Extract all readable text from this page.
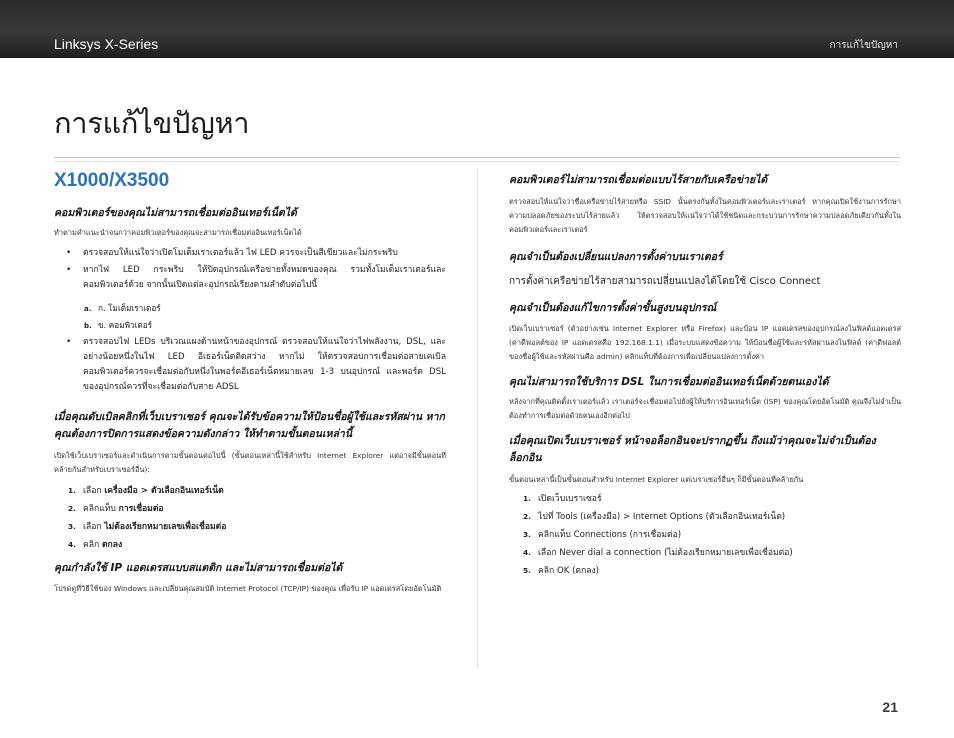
Linksys X-Series	การแก้ไขปัญหา
การแก้ไขปัญหา
X1000/X3500
คอมพิวเตอร์ของคุณไม่สามารถเชื่อมต่ออินเทอร์เน็ตได้

ทำตามคำแนะนำจนกว่าคอมพิวเตอร์ของคุณจะสามารถเชื่อมต่ออินเทอร์เน็ตได้

• ตรวจสอบให้แน่ใจว่าเปิดโมเด็มเราเตอร์แล้ว ไฟ LED ควรจะเป็นสีเขียวและไม่กระพริบ
• หากไฟ LED กระพริบ ให้ปิดอุปกรณ์เครือข่ายทั้งหมดของคุณ รวมทั้งโมเด็มเราเตอร์และคอมพิวเตอร์ด้วย จากนั้นเปิดแต่ละอุปกรณ์เรียงตามลำดับต่อไปนี้
a. ก. โมเด็มเราเตอร์
b. ข. คอมพิวเตอร์
• ตรวจสอบไฟ LEDs บริเวณแผงด้านหน้าของอุปกรณ์ ตรวจสอบให้แน่ใจว่าไฟพลังงาน, DSL, และอย่างน้อยหนึ่งในไฟ LED อีเธอร์เน็ตติดสว่าง หากไม่ ให้ตรวจสอบการเชื่อมต่อสายเคเบิล คอมพิวเตอร์ควรจะเชื่อมต่อกับหนึ่งในพอร์ตอีเธอร์เน็ตหมายเลข 1-3 บนอุปกรณ์ และพอร์ต DSL ของอุปกรณ์ควรที่จะเชื่อมต่อกับสาย ADSL
เมื่อคุณดับเบิลคลิกที่เว็บเบราเซอร์ คุณจะได้รับข้อความให้ป้อนชื่อผู้ใช้และรหัสผ่าน หากคุณต้องการปิดการแสดงข้อความดังกล่าว ให้ทำตามขั้นตอนเหล่านี้

เปิดใช้เว็บเบราเซอร์และดำเนินการตามขั้นตอนต่อไปนี้ (ขั้นตอนเหล่านี้ใช้สำหรับ Internet Explorer แต่อาจมีขั้นตอนที่คล้ายกันสำหรับเบราเซอร์อื่น):

1. เลือก เครื่องมือ > ตัวเลือกอินเทอร์เน็ต
2. คลิกแท็บ การเชื่อมต่อ
3. เลือก ไม่ต้องเรียกหมายเลขเพื่อเชื่อมต่อ
4. คลิก ตกลง
คุณกำลังใช้ IP แอดเดรสแบบสแตติก และไม่สามารถเชื่อมต่อได้

โปรดดูที่วิธีใช้ของ Windows และเปลี่ยนคุณสมบัติ Internet Protocol (TCP/IP) ของคุณ เพื่อรับ IP แอดเดรสโดยอัตโนมัติ

คอมพิวเตอร์ไม่สามารถเชื่อมต่อแบบไร้สายกับเครือข่ายได้

ตรวจสอบให้แน่ใจว่าชื่อเครือข่ายไร้สายหรือ SSID นั้นตรงกันทั้งในคอมพิวเตอร์และเราเตอร์ หากคุณเปิดใช้งานการรักษาความปลอดภัยของระบบไร้สายแล้ว ให้ตรวจสอบให้แน่ใจว่าได้ใช้ชนิดและกระบวนการรักษาความปลอดภัยเดียวกันทั้งในคอมพิวเตอร์และเราเตอร์

คุณจำเป็นต้องเปลี่ยนแปลงการตั้งค่าบนเราเตอร์

การตั้งค่าเครือข่ายไร้สายสามารถเปลี่ยนแปลงได้โดยใช้ Cisco Connect

คุณจำเป็นต้องแก้ไขการตั้งค่าขั้นสูงบนอุปกรณ์

เปิดเว็บเบราเซอร์ (ตัวอย่างเช่น Internet Explorer หรือ Firefox) และป้อน IP แอดเดรสของอุปกรณ์ลงในฟิลด์แอดเดรส (ค่าดีฟอลต์ของ IP แอดเดรสคือ 192.168.1.1) เมื่อระบบแสดงข้อความ ให้ป้อนชื่อผู้ใช้และรหัสผ่านลงในฟิลด์ (ค่าดีฟอลต์ของชื่อผู้ใช้และรหัสผ่านคือ admin) คลิกแท็บที่ต้องการเพื่อเปลี่ยนแปลงการตั้งค่า

คุณไม่สามารถใช้บริการ DSL ในการเชื่อมต่ออินเทอร์เน็ตด้วยตนเองได้

หลังจากที่คุณติดตั้งเราเตอร์แล้ว เราเตอร์จะเชื่อมต่อไปยังผู้ให้บริการอินเทอร์เน็ต (ISP) ของคุณโดยอัตโนมัติ คุณจึงไม่จำเป็นต้องทำการเชื่อมต่อด้วยตนเองอีกต่อไป

เมื่อคุณเปิดเว็บเบราเซอร์ หน้าจอล็อกอินจะปรากฏขึ้น ถึงแม้ว่าคุณจะไม่จำเป็นต้องล็อกอิน

ขั้นตอนเหล่านี้เป็นขั้นตอนสำหรับ Internet Explorer แต่เบราเซอร์อื่นๆ ก็มีขั้นตอนที่คล้ายกัน

1. เปิดเว็บเบราเซอร์
2. ไปที่ Tools (เครื่องมือ) > Internet Options (ตัวเลือกอินเทอร์เน็ต)
3. คลิกแท็บ Connections (การเชื่อมต่อ)
4. เลือก Never dial a connection (ไม่ต้องเรียกหมายเลขเพื่อเชื่อมต่อ)
5. คลิก OK (ตกลง)
21
